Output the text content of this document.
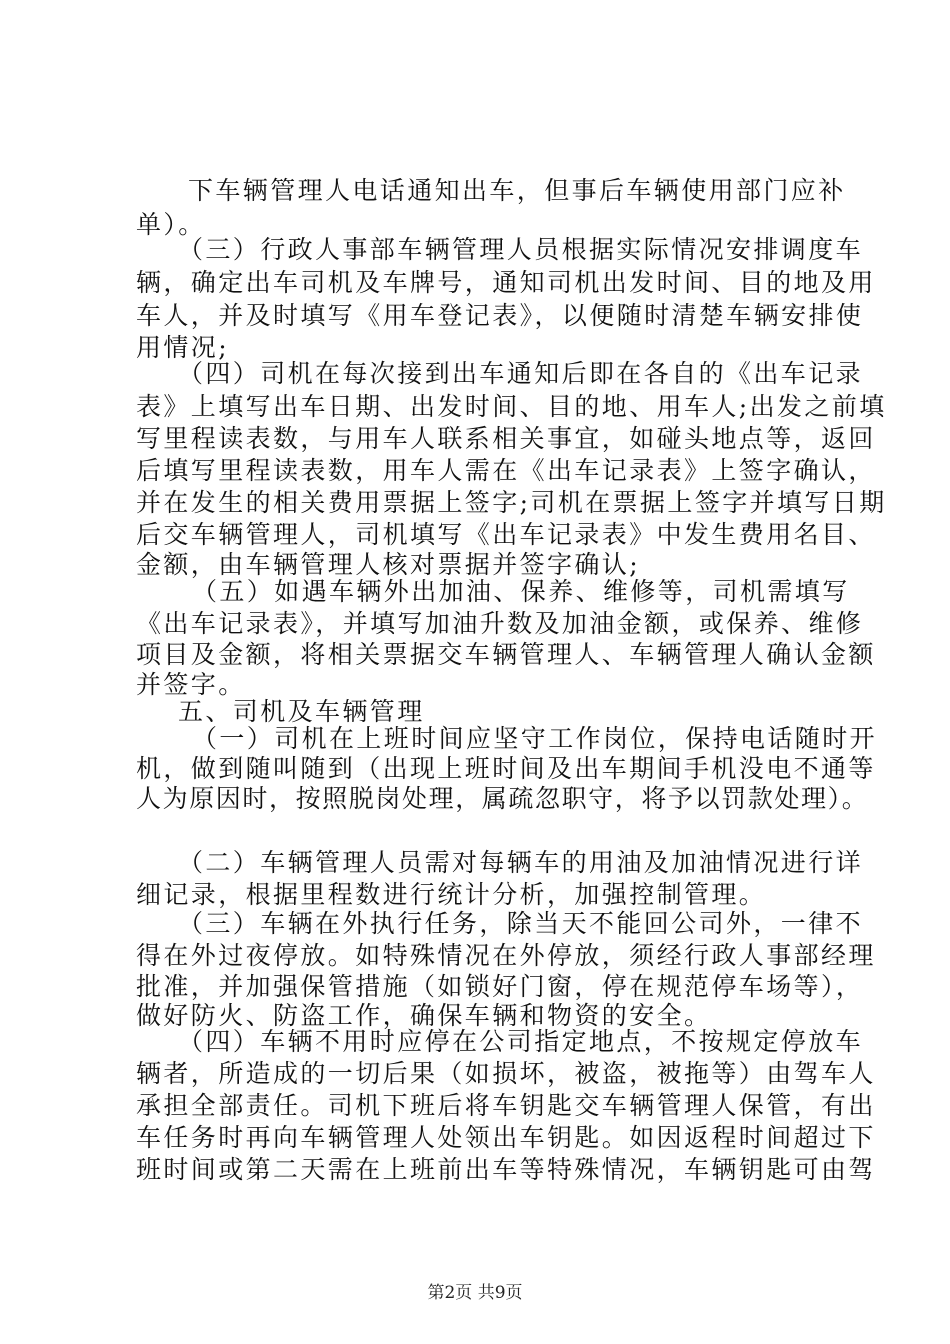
下车辆管理人电话通知出车，但事后车辆使用部门应补
单）。
（三）行政人事部车辆管理人员根据实际情况安排调度车
辆，确定出车司机及车牌号，通知司机出发时间、目的地及用
车人，并及时填写《用车登记表》，以便随时清楚车辆安排使
用情况;
（四）司机在每次接到出车通知后即在各自的《出车记录
表》上填写出车日期、出发时间、目的地、用车人;出发之前填
写里程读表数，与用车人联系相关事宜，如碰头地点等，返回
后填写里程读表数，用车人需在《出车记录表》上签字确认，
并在发生的相关费用票据上签字;司机在票据上签字并填写日期
后交车辆管理人，司机填写《出车记录表》中发生费用名目、
金额，由车辆管理人核对票据并签字确认;
（五）如遇车辆外出加油、保养、维修等，司机需填写
《出车记录表》，并填写加油升数及加油金额，或保养、维修
项目及金额，将相关票据交车辆管理人、车辆管理人确认金额
并签字。
五、司机及车辆管理
（一）司机在上班时间应坚守工作岗位，保持电话随时开
机，做到随叫随到（出现上班时间及出车期间手机没电不通等
人为原因时，按照脱岗处理，属疏忽职守，将予以罚款处理）。
（二）车辆管理人员需对每辆车的用油及加油情况进行详
细记录，根据里程数进行统计分析，加强控制管理。
（三）车辆在外执行任务，除当天不能回公司外，一律不
得在外过夜停放。如特殊情况在外停放，须经行政人事部经理
批准，并加强保管措施（如锁好门窗，停在规范停车场等），
做好防火、防盗工作，确保车辆和物资的安全。
（四）车辆不用时应停在公司指定地点，不按规定停放车
辆者，所造成的一切后果（如损坏，被盗，被拖等）由驾车人
承担全部责任。司机下班后将车钥匙交车辆管理人保管，有出
车任务时再向车辆管理人处领出车钥匙。如因返程时间超过下
班时间或第二天需在上班前出车等特殊情况，车辆钥匙可由驾
第2页 共9页
